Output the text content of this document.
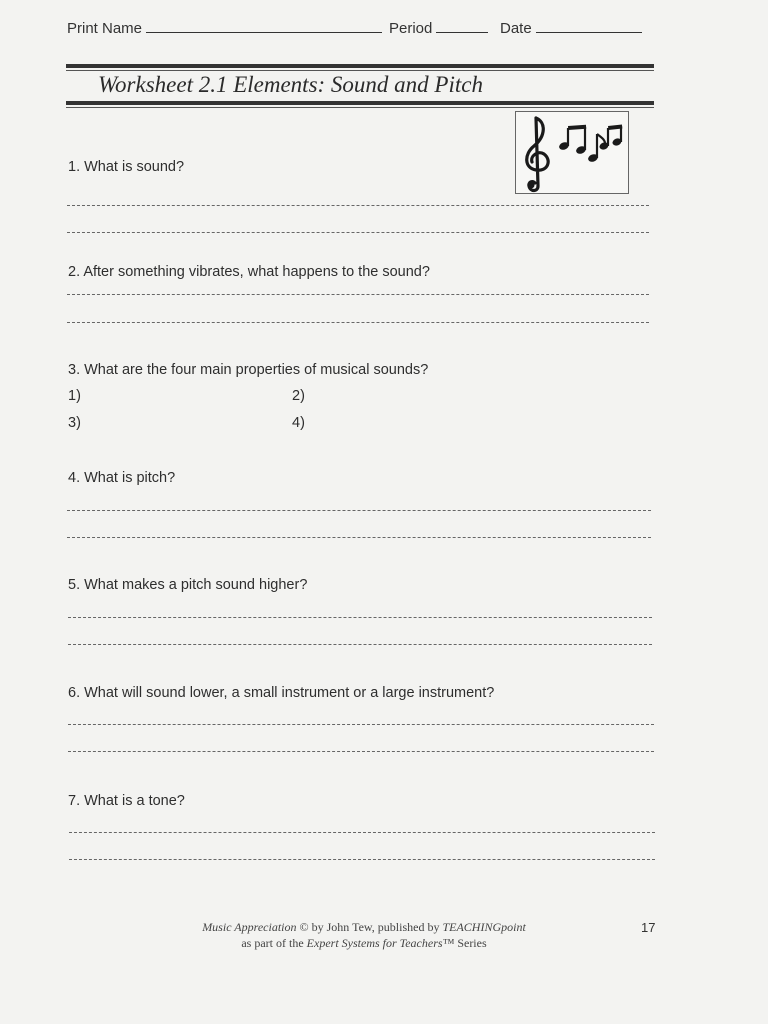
Print Name	Period	Date
Worksheet 2.1 Elements: Sound and Pitch
1. What is sound?
2. After something vibrates, what happens to the sound?
3. What are the four main properties of musical sounds?
1)	2)
3)	4)
4. What is pitch?
5. What makes a pitch sound higher?
6. What will sound lower, a small instrument or a large instrument?
7. What is a tone?
Music Appreciation © by John Tew, published by TEACHINGpoint
as part of the Expert Systems for Teachers™ Series
17
